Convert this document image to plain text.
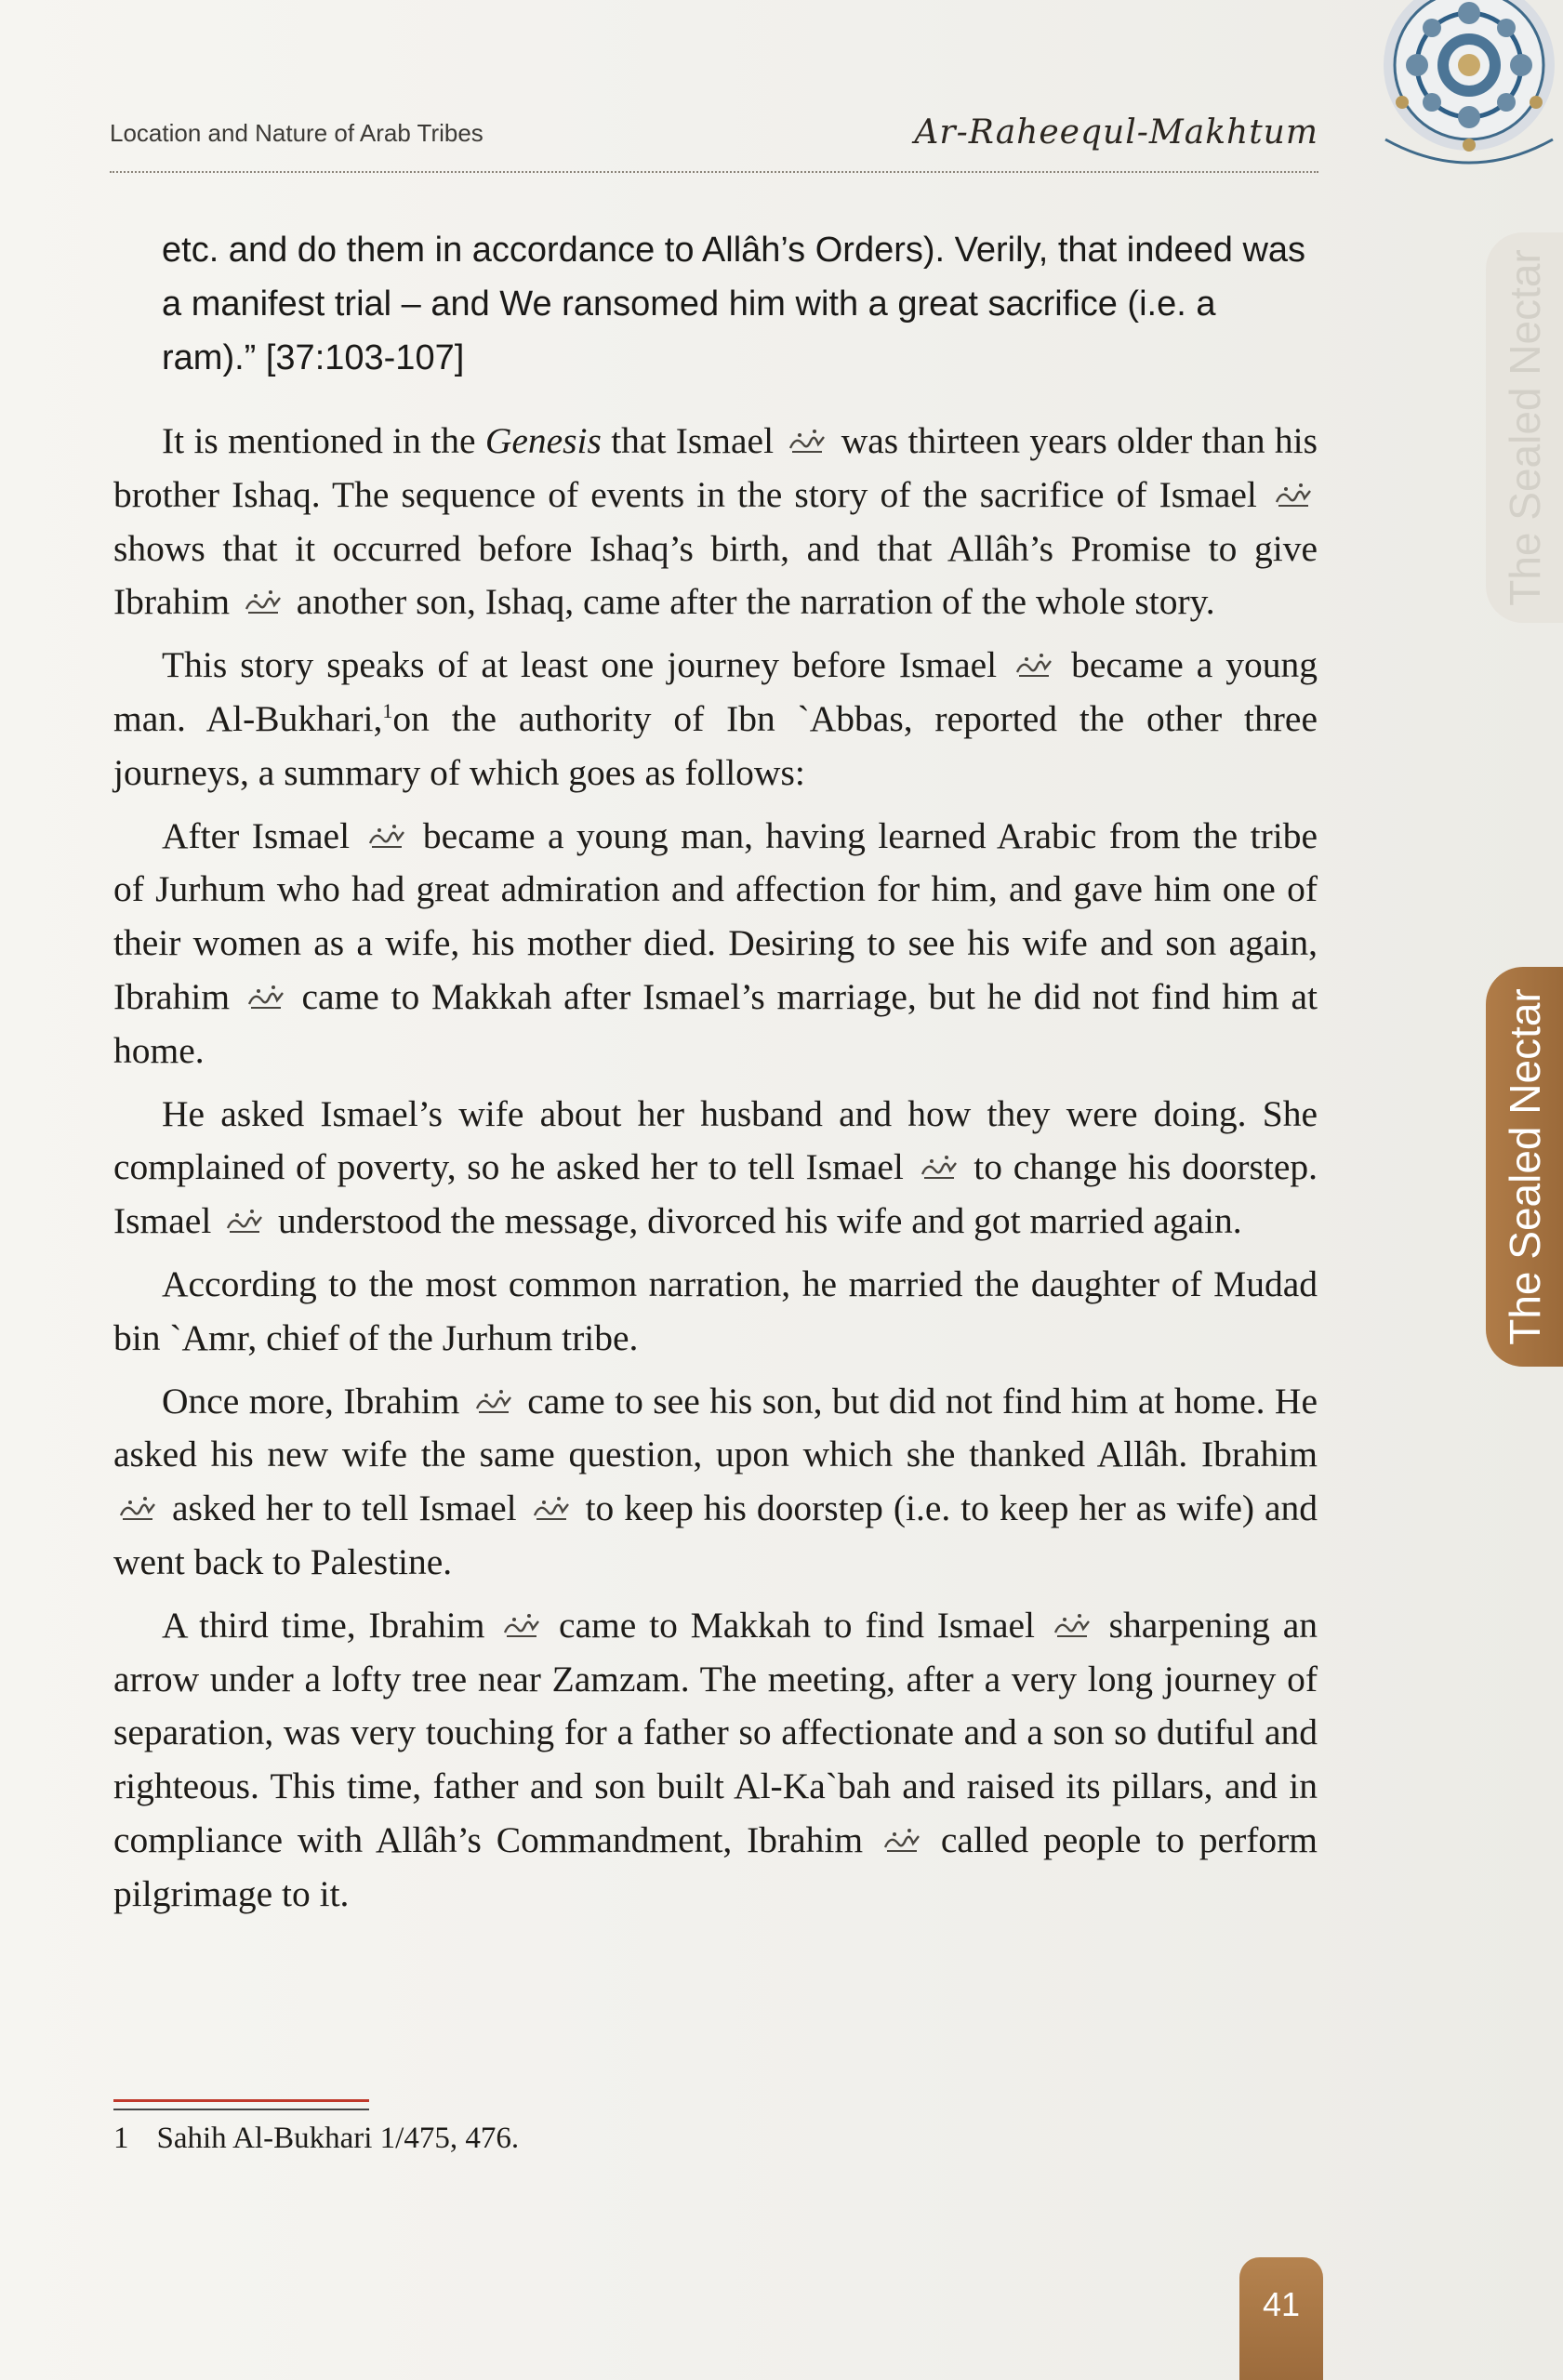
Location and Nature of Arab Tribes	Ar-Raheequl-Makhtum
The Sealed Nectar
The Sealed Nectar
etc. and do them in accordance to Allâh’s Orders). Verily, that indeed was a manifest trial – and We ransomed him with a great sacrifice (i.e. a ram).” [37:103-107]

It is mentioned in the Genesis that Ismael  was thirteen years older than his brother Ishaq. The sequence of events in the story of the sacrifice of Ismael  shows that it occurred before Ishaq’s birth, and that Allâh’s Promise to give Ibrahim  another son, Ishaq, came after the narration of the whole story.

This story speaks of at least one journey before Ismael  became a young man. Al-Bukhari,$^1$on the authority of Ibn `Abbas, reported the other three journeys, a summary of which goes as follows:

After Ismael  became a young man, having learned Arabic from the tribe of Jurhum who had great admiration and affection for him, and gave him one of their women as a wife, his mother died. Desiring to see his wife and son again, Ibrahim  came to Makkah after Ismael’s marriage, but he did not find him at home.

He asked Ismael’s wife about her husband and how they were doing. She complained of poverty, so he asked her to tell Ismael  to change his doorstep. Ismael  understood the message, divorced his wife and got married again.

According to the most common narration, he married the daughter of Mudad bin `Amr, chief of the Jurhum tribe.

Once more, Ibrahim  came to see his son, but did not find him at home. He asked his new wife the same question, upon which she thanked Allâh. Ibrahim  asked her to tell Ismael  to keep his doorstep (i.e. to keep her as wife) and went back to Palestine.

A third time, Ibrahim  came to Makkah to find Ismael  sharpening an arrow under a lofty tree near Zamzam. The meeting, after a very long journey of separation, was very touching for a father so affectionate and a son so dutiful and righteous. This time, father and son built Al-Ka`bah and raised its pillars, and in compliance with Allâh’s Commandment, Ibrahim  called people to perform pilgrimage to it.

1 Sahih Al-Bukhari 1/475, 476.
41
